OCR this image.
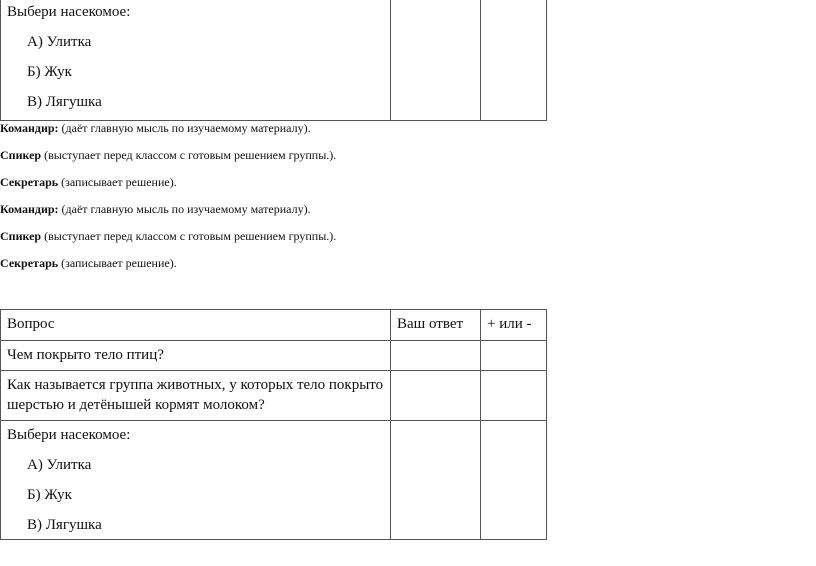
Выбери насекомое:
А) Улитка
Б) Жук
В) Лягушка

Командир: (даёт главную мысль по изучаемому материалу).
Спикер (выступает перед классом с готовым решением группы.).
Секретарь (записывает решение).
Командир: (даёт главную мысль по изучаемому материалу).
Спикер (выступает перед классом с готовым решением группы.).
Секретарь (записывает решение).
Вопрос	Ваш ответ	+ или -

Чем покрыто тело птиц?		

Как называется группа животных, у которых тело покрыто шерстью и детёнышей кормят молоком?		

Выбери насекомое:
А) Улитка
Б) Жук
В) Лягушка		
